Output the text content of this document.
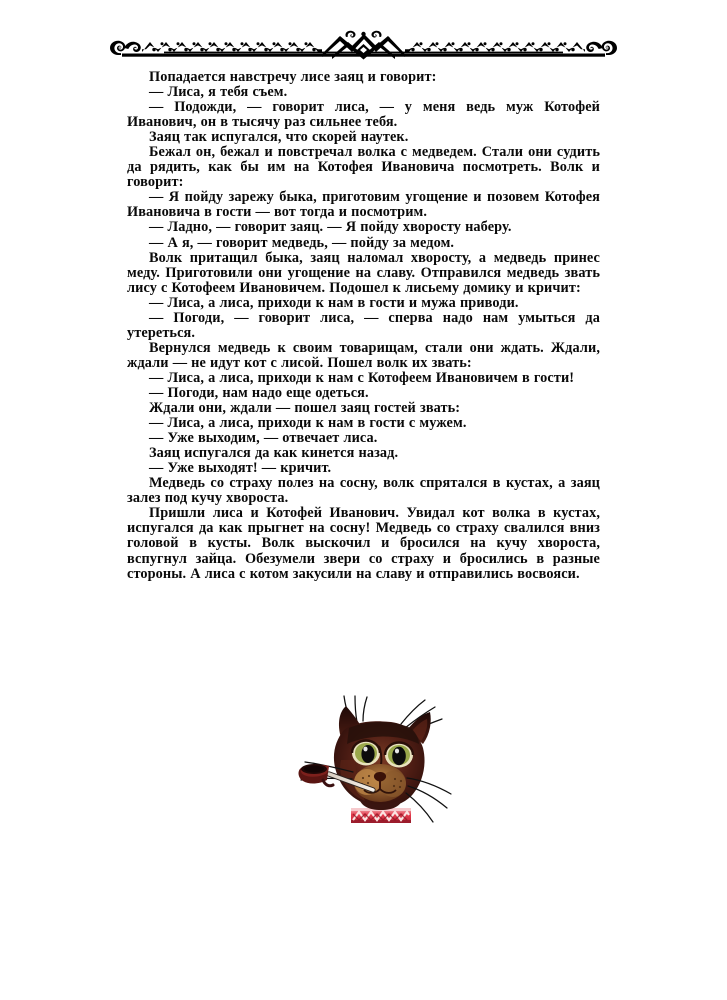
Попадается навстречу лисе заяц и говорит:

— Лиса, я тебя съем.

— Подожди, — говорит лиса, — у меня ведь муж Котофей Иванович, он в тысячу раз сильнее тебя.

Заяц так испугался, что скорей наутек.

Бежал он, бежал и повстречал волка с медведем. Стали они судить да рядить, как бы им на Котофея Ивановича посмотреть. Волк и говорит:

— Я пойду зарежу быка, приготовим угощение и позовем Котофея Ивановича в гости — вот тогда и посмотрим.

— Ладно, — говорит заяц. — Я пойду хворосту наберу.

— А я, — говорит медведь, — пойду за медом.

Волк притащил быка, заяц наломал хворосту, а медведь принес меду. Приготовили они угощение на славу. Отправился медведь звать лису с Котофеем Ивановичем. Подошел к лисьему домику и кричит:

— Лиса, а лиса, приходи к нам в гости и мужа приводи.

— Погоди, — говорит лиса, — сперва надо нам умыться да утереться.

Вернулся медведь к своим товарищам, стали они ждать. Ждали, ждали — не идут кот с лисой. Пошел волк их звать:

— Лиса, а лиса, приходи к нам с Котофеем Ивановичем в гости!

— Погоди, нам надо еще одеться.

Ждали они, ждали — пошел заяц гостей звать:

— Лиса, а лиса, приходи к нам в гости с мужем.

— Уже выходим, — отвечает лиса.

Заяц испугался да как кинется назад.

— Уже выходят! — кричит.

Медведь со страху полез на сосну, волк спрятался в кустах, а заяц залез под кучу хвороста.

Пришли лиса и Котофей Иванович. Увидал кот волка в кустах, испугался да как прыгнет на сосну! Медведь со страху свалился вниз головой в кусты. Волк выскочил и бросился на кучу хвороста, вспугнул зайца. Обезумели звери со страху и бросились в разные стороны. А лиса с котом закусили на славу и отправились восвояси.
